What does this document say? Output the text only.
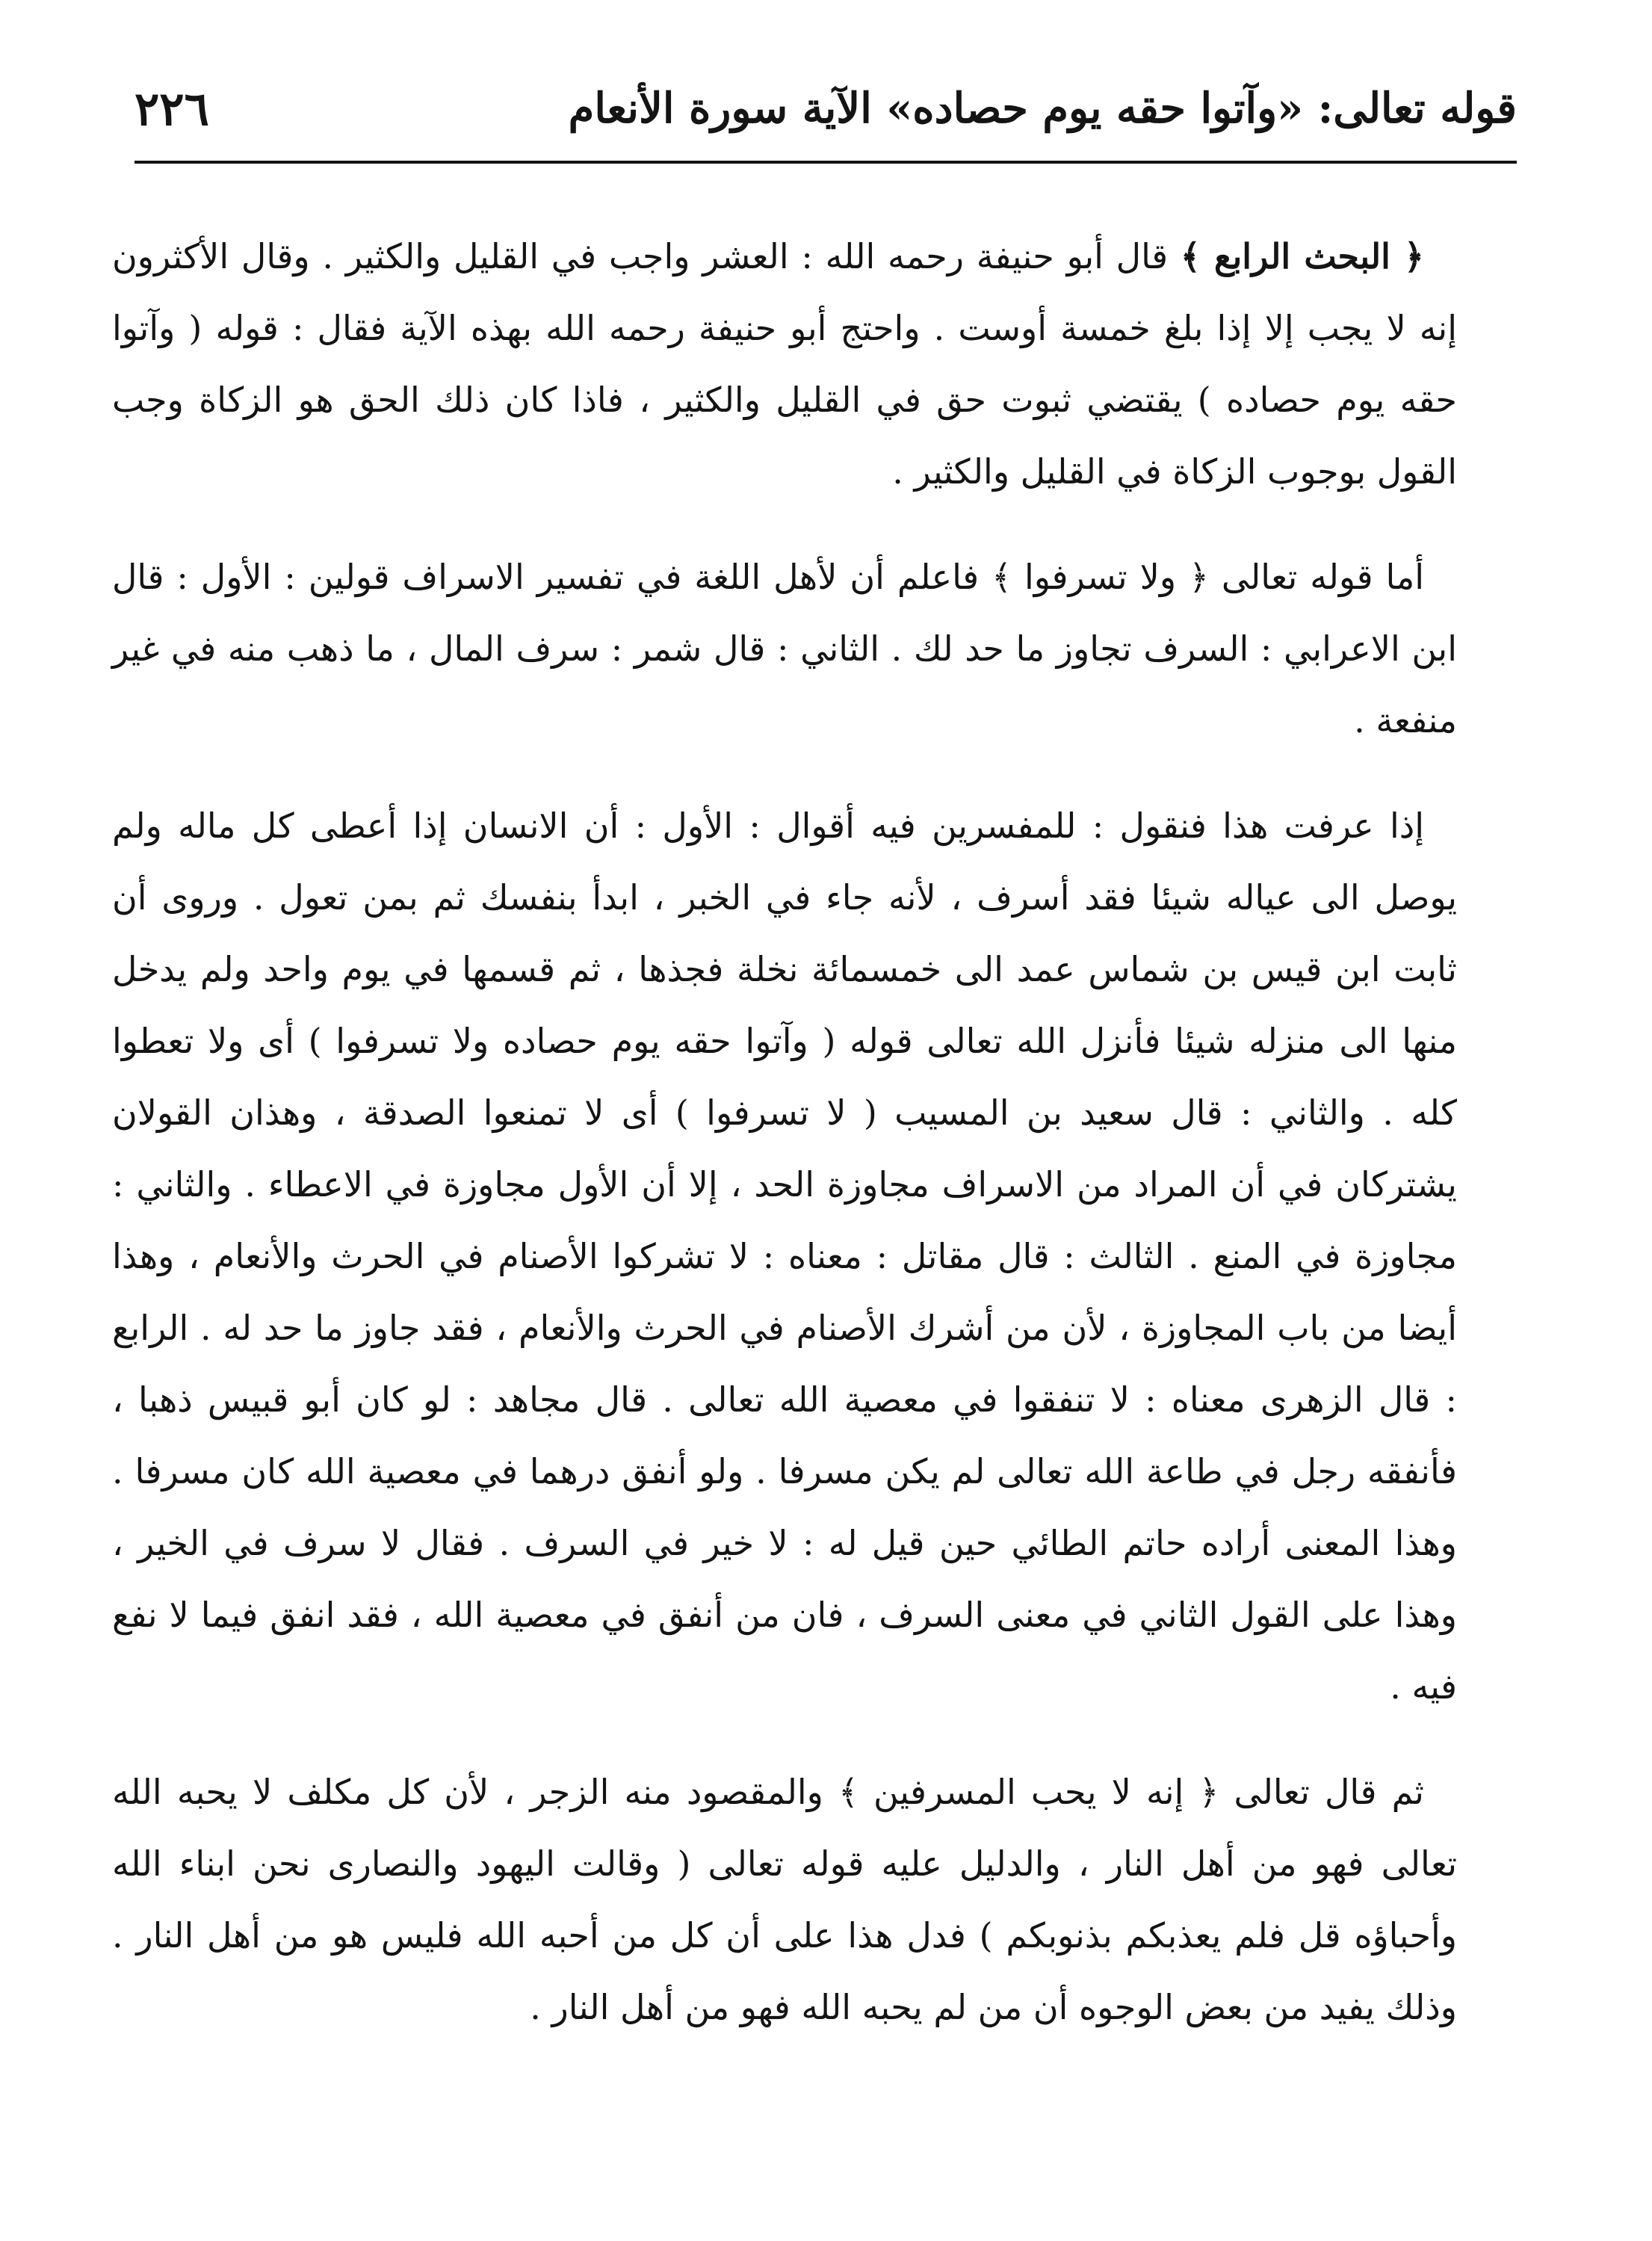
قوله تعالى: «وآتوا حقه يوم حصاده» الآية سورة الأنعام
٢٢٦

﴿ البحث الرابع ﴾ قال أبو حنيفة رحمه الله : العشر واجب في القليل والكثير . وقال الأكثرون إنه لا يجب إلا إذا بلغ خمسة أوست . واحتج أبو حنيفة رحمه الله بهذه الآية فقال : قوله ( وآتوا حقه يوم حصاده ) يقتضي ثبوت حق في القليل والكثير ، فاذا كان ذلك الحق هو الزكاة وجب القول بوجوب الزكاة في القليل والكثير .

أما قوله تعالى ﴿ ولا تسرفوا ﴾ فاعلم أن لأهل اللغة في تفسير الاسراف قولين : الأول : قال ابن الاعرابي : السرف تجاوز ما حد لك . الثاني : قال شمر : سرف المال ، ما ذهب منه في غير منفعة .

إذا عرفت هذا فنقول : للمفسرين فيه أقوال : الأول : أن الانسان إذا أعطى كل ماله ولم يوصل الى عياله شيئا فقد أسرف ، لأنه جاء في الخبر ، ابدأ بنفسك ثم بمن تعول . وروى أن ثابت ابن قيس بن شماس عمد الى خمسمائة نخلة فجذها ، ثم قسمها في يوم واحد ولم يدخل منها الى منزله شيئا فأنزل الله تعالى قوله ( وآتوا حقه يوم حصاده ولا تسرفوا ) أى ولا تعطوا كله . والثاني : قال سعيد بن المسيب ( لا تسرفوا ) أى لا تمنعوا الصدقة ، وهذان القولان يشتركان في أن المراد من الاسراف مجاوزة الحد ، إلا أن الأول مجاوزة في الاعطاء . والثاني : مجاوزة في المنع . الثالث : قال مقاتل : معناه : لا تشركوا الأصنام في الحرث والأنعام ، وهذا أيضا من باب المجاوزة ، لأن من أشرك الأصنام في الحرث والأنعام ، فقد جاوز ما حد له . الرابع : قال الزهرى معناه : لا تنفقوا في معصية الله تعالى . قال مجاهد : لو كان أبو قبيس ذهبا ، فأنفقه رجل في طاعة الله تعالى لم يكن مسرفا . ولو أنفق درهما في معصية الله كان مسرفا . وهذا المعنى أراده حاتم الطائي حين قيل له : لا خير في السرف . فقال لا سرف في الخير ، وهذا على القول الثاني في معنى السرف ، فان من أنفق في معصية الله ، فقد انفق فيما لا نفع فيه .

ثم قال تعالى ﴿ إنه لا يحب المسرفين ﴾ والمقصود منه الزجر ، لأن كل مكلف لا يحبه الله تعالى فهو من أهل النار ، والدليل عليه قوله تعالى ( وقالت اليهود والنصارى نحن ابناء الله وأحباؤه قل فلم يعذبكم بذنوبكم ) فدل هذا على أن كل من أحبه الله فليس هو من أهل النار . وذلك يفيد من بعض الوجوه أن من لم يحبه الله فهو من أهل النار .
